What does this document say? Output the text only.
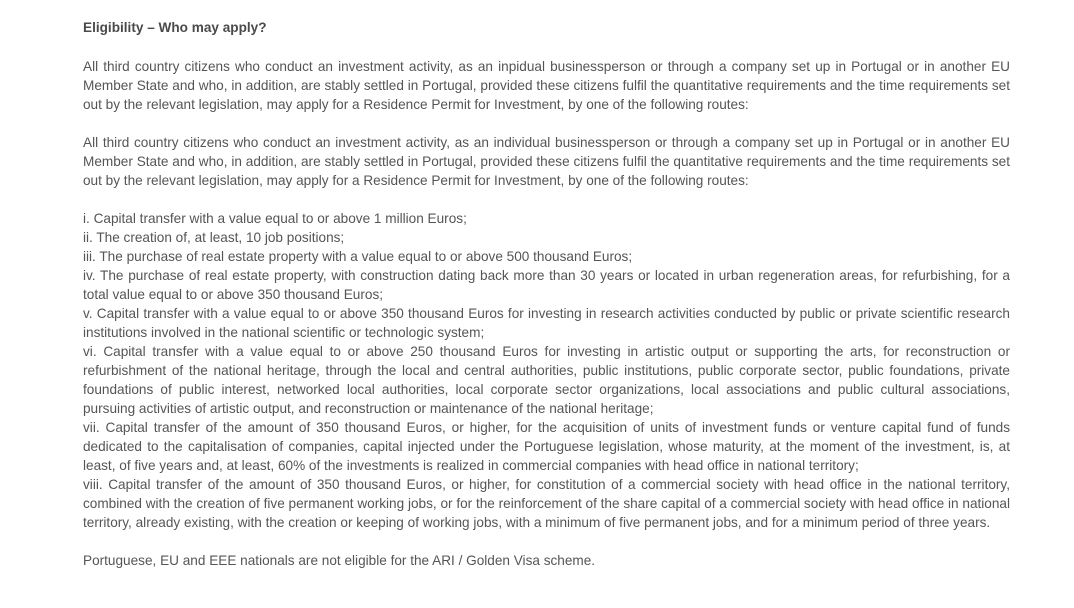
Eligibility – Who may apply?

All third country citizens who conduct an investment activity, as an inpidual businessperson or through a company set up in Portugal or in another EU Member State and who, in addition, are stably settled in Portugal, provided these citizens fulfil the quantitative requirements and the time requirements set out by the relevant legislation, may apply for a Residence Permit for Investment, by one of the following routes:

All third country citizens who conduct an investment activity, as an individual businessperson or through a company set up in Portugal or in another EU Member State and who, in addition, are stably settled in Portugal, provided these citizens fulfil the quantitative requirements and the time requirements set out by the relevant legislation, may apply for a Residence Permit for Investment, by one of the following routes:

i. Capital transfer with a value equal to or above 1 million Euros;
ii. The creation of, at least, 10 job positions;
iii. The purchase of real estate property with a value equal to or above 500 thousand Euros;
iv. The purchase of real estate property, with construction dating back more than 30 years or located in urban regeneration areas, for refurbishing, for a total value equal to or above 350 thousand Euros;
v. Capital transfer with a value equal to or above 350 thousand Euros for investing in research activities conducted by public or private scientific research institutions involved in the national scientific or technologic system;
vi. Capital transfer with a value equal to or above 250 thousand Euros for investing in artistic output or supporting the arts, for reconstruction or refurbishment of the national heritage, through the local and central authorities, public institutions, public corporate sector, public foundations, private foundations of public interest, networked local authorities, local corporate sector organizations, local associations and public cultural associations, pursuing activities of artistic output, and reconstruction or maintenance of the national heritage;
vii. Capital transfer of the amount of 350 thousand Euros, or higher, for the acquisition of units of investment funds or venture capital fund of funds dedicated to the capitalisation of companies, capital injected under the Portuguese legislation, whose maturity, at the moment of the investment, is, at least, of five years and, at least, 60% of the investments is realized in commercial companies with head office in national territory;
viii. Capital transfer of the amount of 350 thousand Euros, or higher, for constitution of a commercial society with head office in the national territory, combined with the creation of five permanent working jobs, or for the reinforcement of the share capital of a commercial society with head office in national territory, already existing, with the creation or keeping of working jobs, with a minimum of five permanent jobs, and for a minimum period of three years.

Portuguese, EU and EEE nationals are not eligible for the ARI / Golden Visa scheme.
